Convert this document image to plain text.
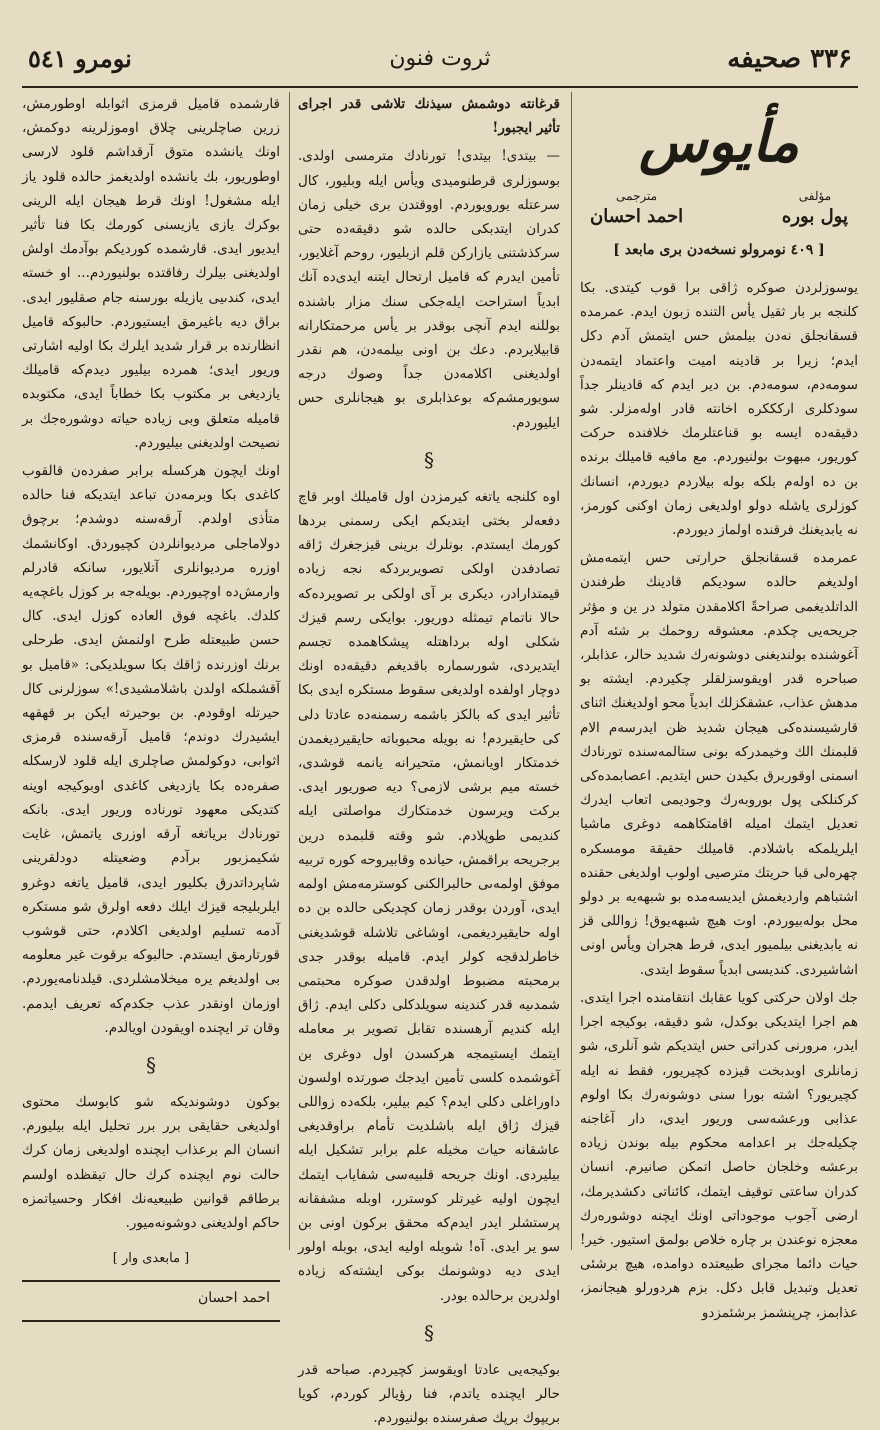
۳۳۶ صحيفه
ثروت فنون
نومرو ٥٤١
مأيوس
مؤلفى
پول بوره
مترجمى
احمد احسان
[ ٤٠٩ نومرولو نسخه‌دن برى مابعد ]

يوسوزلردن صوكره ژاقى برا قوب كيتدى. بكا كلنجه بر بار ثقيل يأس التنده زبون ايدم. عمرمده قسقانجلق نه‌دن بيلمش حس ايتمش آدم دكل ايدم؛ زيرا بر قادينه اميت واعتماد ايتمه‌دن سومه‌دم، سومه‌دم. بن دير ايدم كه قادينلر جداً سودكلرى اركككره اخانته قادر اوله‌مزلر. شو دقيقه‌ده ايسه بو قناعتلرمك خلافنده حركت كوريور، مبهوت بولنيوردم. مع مافيه قاميلك برنده بن ده اوله‌م بلكه بوله بيلاردم ديوردم، انسانك كوزلرى ياشله دولو اولديغى زمان اوكنى كورمز، نه يابديغنك فرقنده اولماز ديوردم.

عمرمده قسقانجلق حرارتى حس ايتمه‌مش اولديغم حالده سوديكم قادينك طرفندن الداتلديغمى صراحةً اكلامقدن متولد در ين و مؤثر جريحه‌يى چكدم. معشوقه روحمك بر شئه آدم آغوشنده بولنديغنى دوشونه‌رك شديد حالر، عذابلر، صباحره قدر اويقوسزلقلر چكيردم. ايشته بو مدهش عذاب، عشقكزلك ابدياً محو اولديغنك اثناى قارشيسنده‌كى هيجان شديد ظن ايدرسه‌م الام قلبمنك الك وخيمدركه بونى ستالمه‌سنده تورنادك اسمنى اوقوربرق بكيدن حس ايتديم. اعصابمده‌كى كركنلكى پول بوروبه‌رك وجوديمى اتعاب ايدرك تعديل ايتمك اميله اقامتكاهمه دوغرى ماشيا ايلريلمكه باشلادم. قاميلك حقيقة مومسكره چهره‌لى قبا حريتك مترصيى اولوب اولديغى حقنده اشتباهم وارديغمش ايديسه‌مده بو شبهه‌يه بر دولو محل بوله‌بيوردم. اوت هيچ شبهه‌يوق! زواللى قز نه يابديغنى بيلميور ايدى، فرط هجران ويأس اونى اشاشيردى. كنديسى ابدياً سقوط ايتدى.

جك اولان حركتى كويا عقابك انتقامنده اجرا ايتدى. هم اجرا ايتديكى بوكدل، شو دقيقه، بوكيجه اجرا ايدر، مرورنى كدراتى حس ايتديكم شو آنلرى، شو زمانلرى اوبدبخت قيزده كچيريور، فقط نه ايله كچيريور؟ اشته بورا سنى دوشونه‌رك بكا اولوم عذابى ورعشه‌سى وريور ايدى، دار آغاجنه چكيله‌جك بر اعدامه محكوم بيله بوندن زياده برعشه وخلجان حاصل اتمكن صانيرم. انسان كدران ساعتى توقيف ايتمك، كائناتى دكشديرمك، ارضى آجوب موجوداتى اونك ايچنه دوشوره‌رك معجزه نوعندن بر چاره خلاص بولمق استيور. خير! حيات دائما مجراى طبيعتده دوامده، هيچ برشئى تعديل وتبديل قابل دكل. بزم هردورلو هيجانمز، عذابمز، چرپنشمز برشئمزدو

قرغانته دوشمش سيذنك تلاشى قدر اجراى تأثير ايجبور!

— بيتدى! بيتدى! تورنادك مترمسى اولدى. بوسوزلرى قرطنوميدى ويأس ايله وبليور، كال سرعتله يورويوردم. اووقتدن برى خيلى زمان كدران ايتدبكى حالده شو دقيقه‌ده حتى سركذشتنى يازاركن قلم ازبليور، روحم آغلايور، تأمين ايدرم كه قاميل ارتحال ايتنه ايدى‌ده آنك ابدياً استراحت ايله‌جكى سنك مزار باشنده بوللنه ايدم آنچى بوقدر بر يأس مرحمتكارانه قابيلايردم. دعك بن اونى بيلمه‌دن، هم نقدر اولديغنى اكلامه‌دن جداً وصوك درجه سويورمشم‌كه بوعذابلرى بو هيجانلرى حس ايليوردم.

§

اوه كلنجه ياتغه كيرمزدن اول قاميلك اوبر قاچ دفعه‌لر بختى ايتديكم ايكى رسمنى بردها كورمك ايستدم. بونلرك برينى قيزجغرك ژاقه تصادفدن اولكى تصويربردكه نجه زياده قيمتدارادر، ديكرى بر آى اولكى بر تصويرده‌كه حالا ناتمام تيمثله دوريور. بوايكى رسم قيزك شكلى اوله برداهتله پيشكاهمده تجسم ايتديردى، شورسماره باقديغم دقيقه‌ده اونك دوچار اولفده اولديغى سقوط مستكره ايدى بكا تأثير ايدى كه بالكز باشمه رسمنه‌ده عادتا دلى كى حايقيردم! نه بويله محبوباته حايقيرديغمدن خدمتكار اويانمش، متحيرانه يانمه قوشدى، خسته ميم برشى لازمى؟ ديه صوريور ايدى. بركت ويرسون خدمتكارك مواصلتى ايله كنديمى طوپلادم. شو وقته قلبمده درين برجريحه براقمش، حيانده وقابيروحه كوره تربيه موفق اولمه‌ىى حالبرالكنى كوسترمه‌مش اولمه ايدى، آوردن بوقدر زمان كچديكى حالده بن ده اوله حايقيرديغمى، اوشاغى تلاشله قوشديغنى خاطرلدقجه كولر ايدم. قاميله بوقدر جدى برمحبته مضبوط اولدقدن صوكره محبتمى شمدىيه قدر كندينه سويلدكلى دكلى ايدم. ژاق ايله كنديم آرهسنده تقابل تصوير بر معامله ايتمك ايستيمجه هركسدن اول دوغرى بن آغوشمده كلسى تأمين ايدجك صورتده اولسون داوراغلى دكلى ايدم؟ كيم بيلير، بلكه‌ده زواللى قيزك ژاق ايله باشلديت تأمام براوقديغى عاشقانه حيات مخيله علم برابر تشكيل ايله بيليردى. اونك جريحه قلبيه‌سى شفاياب ايتمك ايچون اوليه غيرتلر كوسترر، اوبله مشفقانه پرستشلر ايدر ايدم‌كه محقق بركون اونى بن سو ير ايدى. آه! شويله اوليه ايدى، بوبله اولور ايدى ديه دوشونمك بوكى ايشته‌كه زياده اولدرين برحالده بودر.

§

بوكيجه‌يى عادتا اويقوسز كچيردم. صباحه قدر حالر ايچنده ياتدم، فنا رؤيالر كوردم، كويا بريپوك برپك صفرسنده بولنيوردم.

قارشمده قاميل قرمزى اثوابله اوطورمش، زرين صاچلرينى چلاق اوموزلرينه دوكمش، اونك يانشده متوق آرقداشم قلود لارسى اوطوريور، بك يانشده اولديغمز حالده قلود ياز ايله مشغول! اونك قرط هيجان ايله الرينى بوكرك يازى يازيسنى كورمك بكا فنا تأثير ايديور ايدى. قارشمده كورديكم بوآدمك اولش اولديغنى بيلرك رفاقتده بولنيوردم... او خسته ايدى، كندىيى يازيله بورسنه جام صقليور ايدى. براق ديه باغيرمق ايستيوردم. حالبوكه قاميل انظارنده بر قرار شديد ايلرك بكا اوليه اشارتى وريور ايدى؛ همرده بيليور ديدم‌كه قاميلك يازديغى بر مكتوب بكا خطاباً ايدى، مكتوبده قاميله متعلق وبى زياده حياته دوشوره‌جك بر نصيحت اولديغنى بيليوردم.

اونك ايچون هركسله برابر صفرده‌ن قالقوب كاغدى بكا وبرمه‌دن تباعد ايتديكه فنا حالده متأذى اولدم. آرقه‌سنه دوشدم؛ برچوق دولاماجلى مرديوانلردن كچيوردق. اوكانشمك اوزره مرديوانلرى آتلايور، سانكه قادرلم وارمش‌ده اوچيوردم. بويله‌جه بر كوزل باغچه‌يه كلدك. باغچه فوق العاده كوزل ايدى. كال حسن طبيعتله طرح اولنمش ايدى. طرحلى برنك اوزرنده ژاقك بكا سويلديكى: «قاميل بو آقشملكه اولدن باشلامشيدى!» سوزلرنى كال حيرتله اوقودم. بن بوحيرته ايكن بر قهقهه ايشيدرك دوندم؛ قاميل آرقه‌سنده قرمزى اثوابى، دوكولمش صاچلرى ايله قلود لارسكله صفره‌ده بكا يازديغى كاغدى اوبوكيجه اوينه كتديكى معهود تورناده وريور ايدى. بانكه تورنادك برياتغه آرقه اوزرى ياتمش، غايت شكيمزبور برآدم وضعيتله دودلقرينى شاپرداتدرق بكليور ايدى، قاميل ياتغه دوغرو ايلربليجه قيزك ايلك دفعه اولرق شو مستكره آدمه تسليم اولديغى اكلادم، حتى قوشوب قورتارمق ايستدم. حالبوكه برقوت غير معلومه بى اولديغم يره ميخلامشلردى. قيلدنامه‌يوردم. اوزمان اونقدر عذب جكدم‌كه تعريف ايدمم. وقان تر ايچنده اويقودن اويالدم.

§

بوكون دوشونديكه شو كابوسك محتوى اولديغى حقايقى برر برر تحليل ايله بيليورم. انسان الم برعذاب ايچنده اولديغى زمان كرك حالت نوم ايچنده كرك حال تيقظده اولسم برطاقم قوانين طبيعيه‌نك افكار وحسياتمزه حاكم اولديغنى دوشونه‌ميور.

[ مابعدى وار ]
احمد احسان
